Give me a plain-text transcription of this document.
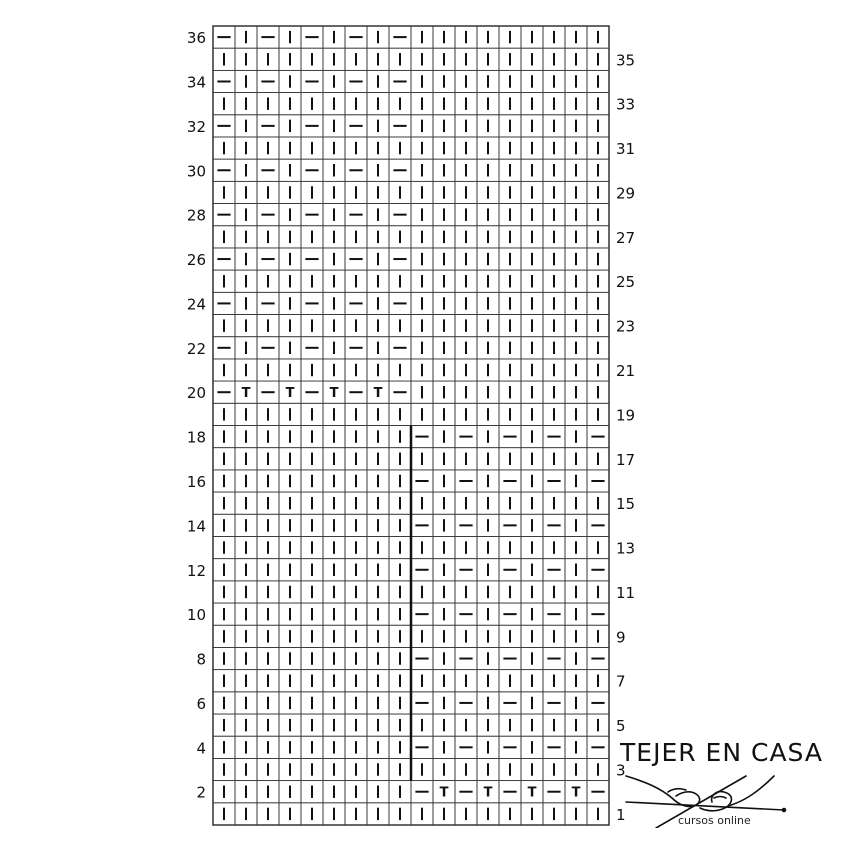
T	T	T	T
T	T	T	T
36
34
32
30
28
26
24
22
20
18
16
14
12
10
8
6
4
2
35
33
31
29
27
25
23
21
19
17
15
13
11
9
7
5
3
1
TEJER EN CASA
cursos online
